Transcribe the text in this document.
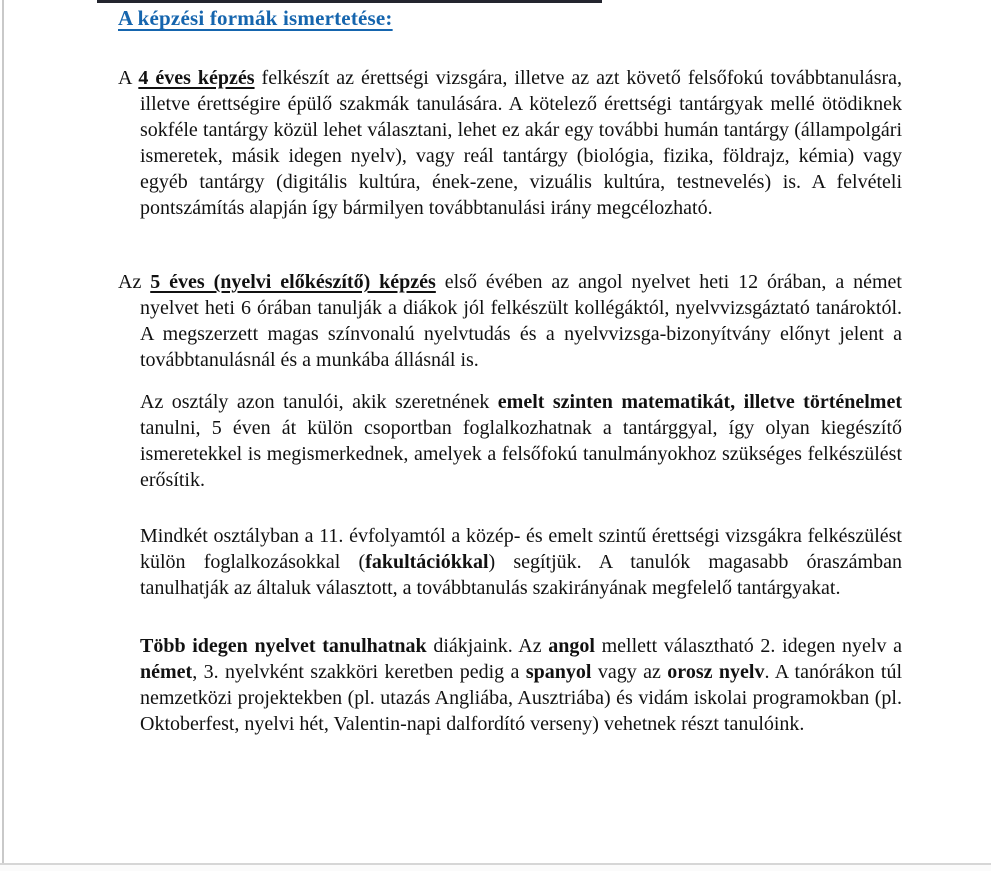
A képzési formák ismertetése:

A 4 éves képzés felkészít az érettségi vizsgára, illetve az azt követő felsőfokú továbbtanulásra, illetve érettségire épülő szakmák tanulására. A kötelező érettségi tantárgyak mellé ötödiknek sokféle tantárgy közül lehet választani, lehet ez akár egy további humán tantárgy (állampolgári ismeretek, másik idegen nyelv), vagy reál tantárgy (biológia, fizika, földrajz, kémia) vagy egyéb tantárgy (digitális kultúra, ének-zene, vizuális kultúra, testnevelés) is. A felvételi pontszámítás alapján így bármilyen továbbtanulási irány megcélozható.

Az 5 éves (nyelvi előkészítő) képzés első évében az angol nyelvet heti 12 órában, a német nyelvet heti 6 órában tanulják a diákok jól felkészült kollégáktól, nyelvvizsgáztató tanároktól. A megszerzett magas színvonalú nyelvtudás és a nyelvvizsga-bizonyítvány előnyt jelent a továbbtanulásnál és a munkába állásnál is.

Az osztály azon tanulói, akik szeretnének emelt szinten matematikát, illetve történelmet tanulni, 5 éven át külön csoportban foglalkozhatnak a tantárggyal, így olyan kiegészítő ismeretekkel is megismerkednek, amelyek a felsőfokú tanulmányokhoz szükséges felkészülést erősítik.

Mindkét osztályban a 11. évfolyamtól a közép- és emelt szintű érettségi vizsgákra felkészülést külön foglalkozásokkal (fakultációkkal) segítjük. A tanulók magasabb óraszámban tanulhatják az általuk választott, a továbbtanulás szakirányának megfelelő tantárgyakat.

Több idegen nyelvet tanulhatnak diákjaink. Az angol mellett választható 2. idegen nyelv a német, 3. nyelvként szakköri keretben pedig a spanyol vagy az orosz nyelv. A tanórákon túl nemzetközi projektekben (pl. utazás Angliába, Ausztriába) és vidám iskolai programokban (pl. Oktoberfest, nyelvi hét, Valentin-napi dalfordító verseny) vehetnek részt tanulóink.
